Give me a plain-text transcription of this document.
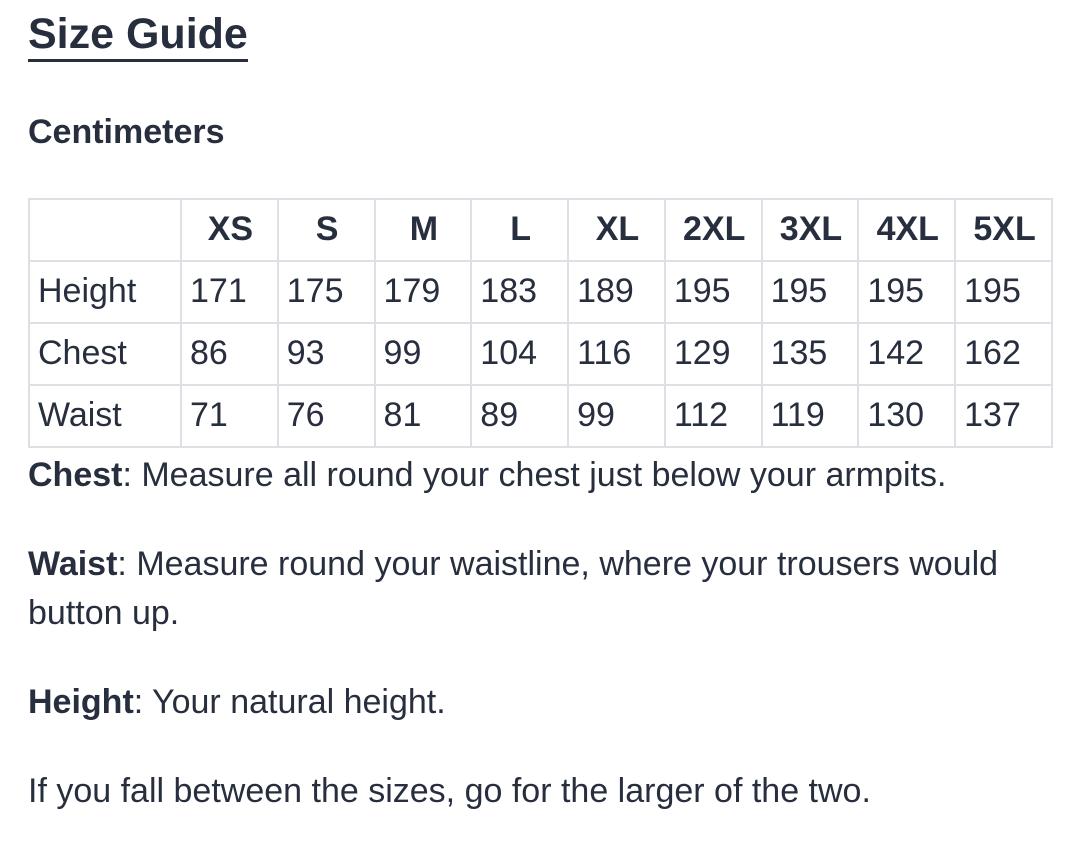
Size Guide
Centimeters
	XS	S	M	L	XL	2XL	3XL	4XL	5XL
Height	171	175	179	183	189	195	195	195	195
Chest	86	93	99	104	116	129	135	142	162
Waist	71	76	81	89	99	112	119	130	137

Chest: Measure all round your chest just below your armpits.

Waist: Measure round your waistline, where your trousers would button up.

Height: Your natural height.

If you fall between the sizes, go for the larger of the two.
